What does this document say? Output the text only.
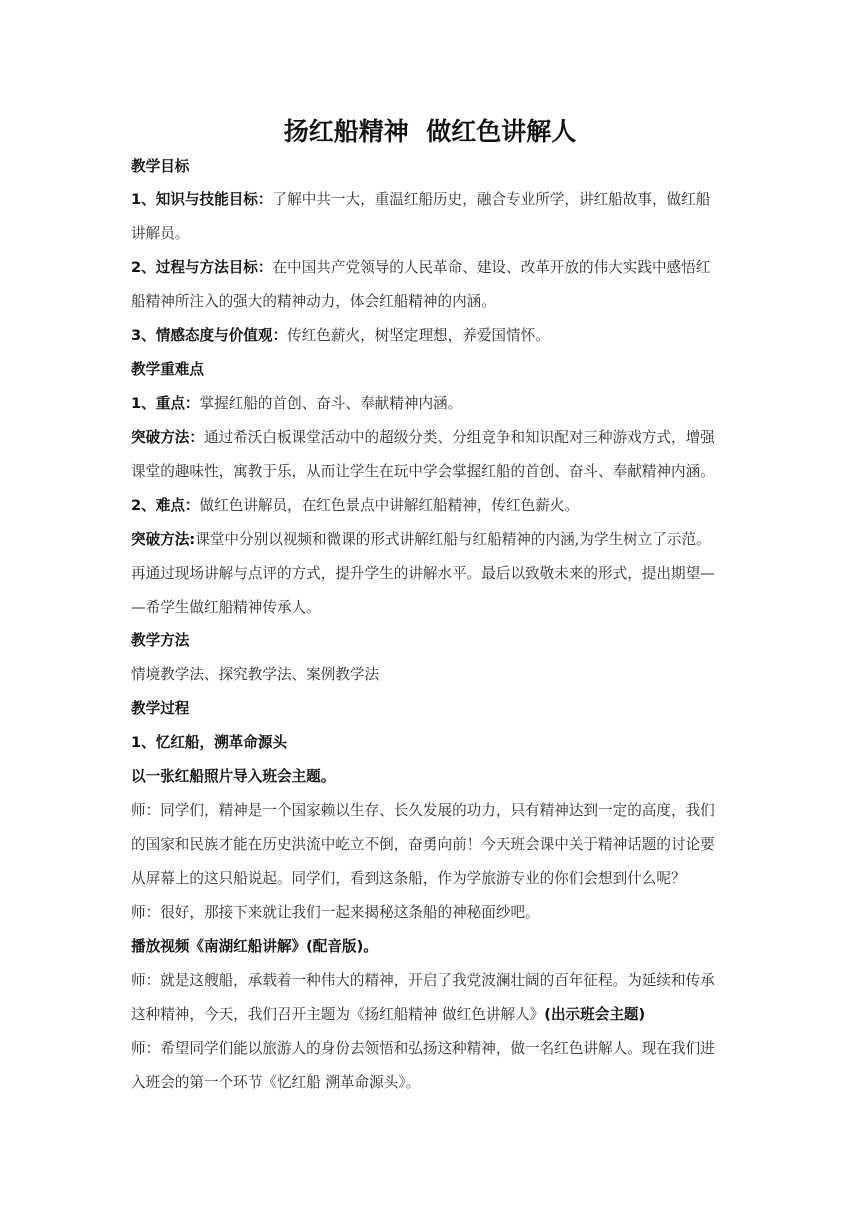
扬红船精神  做红色讲解人
教学目标
1、知识与技能目标：了解中共一大，重温红船历史，融合专业所学，讲红船故事，做红船
讲解员。
2、过程与方法目标：在中国共产党领导的人民革命、建设、改革开放的伟大实践中感悟红
船精神所注入的强大的精神动力，体会红船精神的内涵。
3、情感态度与价值观：传红色薪火，树坚定理想，养爱国情怀。
教学重难点
1、重点：掌握红船的首创、奋斗、奉献精神内涵。
突破方法：通过希沃白板课堂活动中的超级分类、分组竞争和知识配对三种游戏方式，增强
课堂的趣味性，寓教于乐，从而让学生在玩中学会掌握红船的首创、奋斗、奉献精神内涵。
2、难点：做红色讲解员，在红色景点中讲解红船精神，传红色薪火。
突破方法:课堂中分别以视频和微课的形式讲解红船与红船精神的内涵,为学生树立了示范。
再通过现场讲解与点评的方式，提升学生的讲解水平。最后以致敬未来的形式，提出期望—
—希学生做红船精神传承人。
教学方法
情境教学法、探究教学法、案例教学法
教学过程
1、忆红船，溯革命源头
以一张红船照片导入班会主题。
师：同学们，精神是一个国家赖以生存、长久发展的功力，只有精神达到一定的高度，我们
的国家和民族才能在历史洪流中屹立不倒，奋勇向前！今天班会课中关于精神话题的讨论要
从屏幕上的这只船说起。同学们，看到这条船，作为学旅游专业的你们会想到什么呢？
师：很好，那接下来就让我们一起来揭秘这条船的神秘面纱吧。
播放视频《南湖红船讲解》(配音版)。
师：就是这艘船，承载着一种伟大的精神，开启了我党波澜壮阔的百年征程。为延续和传承
这种精神，今天，我们召开主题为《扬红船精神 做红色讲解人》(出示班会主题)
师：希望同学们能以旅游人的身份去领悟和弘扬这种精神，做一名红色讲解人。现在我们进
入班会的第一个环节《忆红船 溯革命源头》。
